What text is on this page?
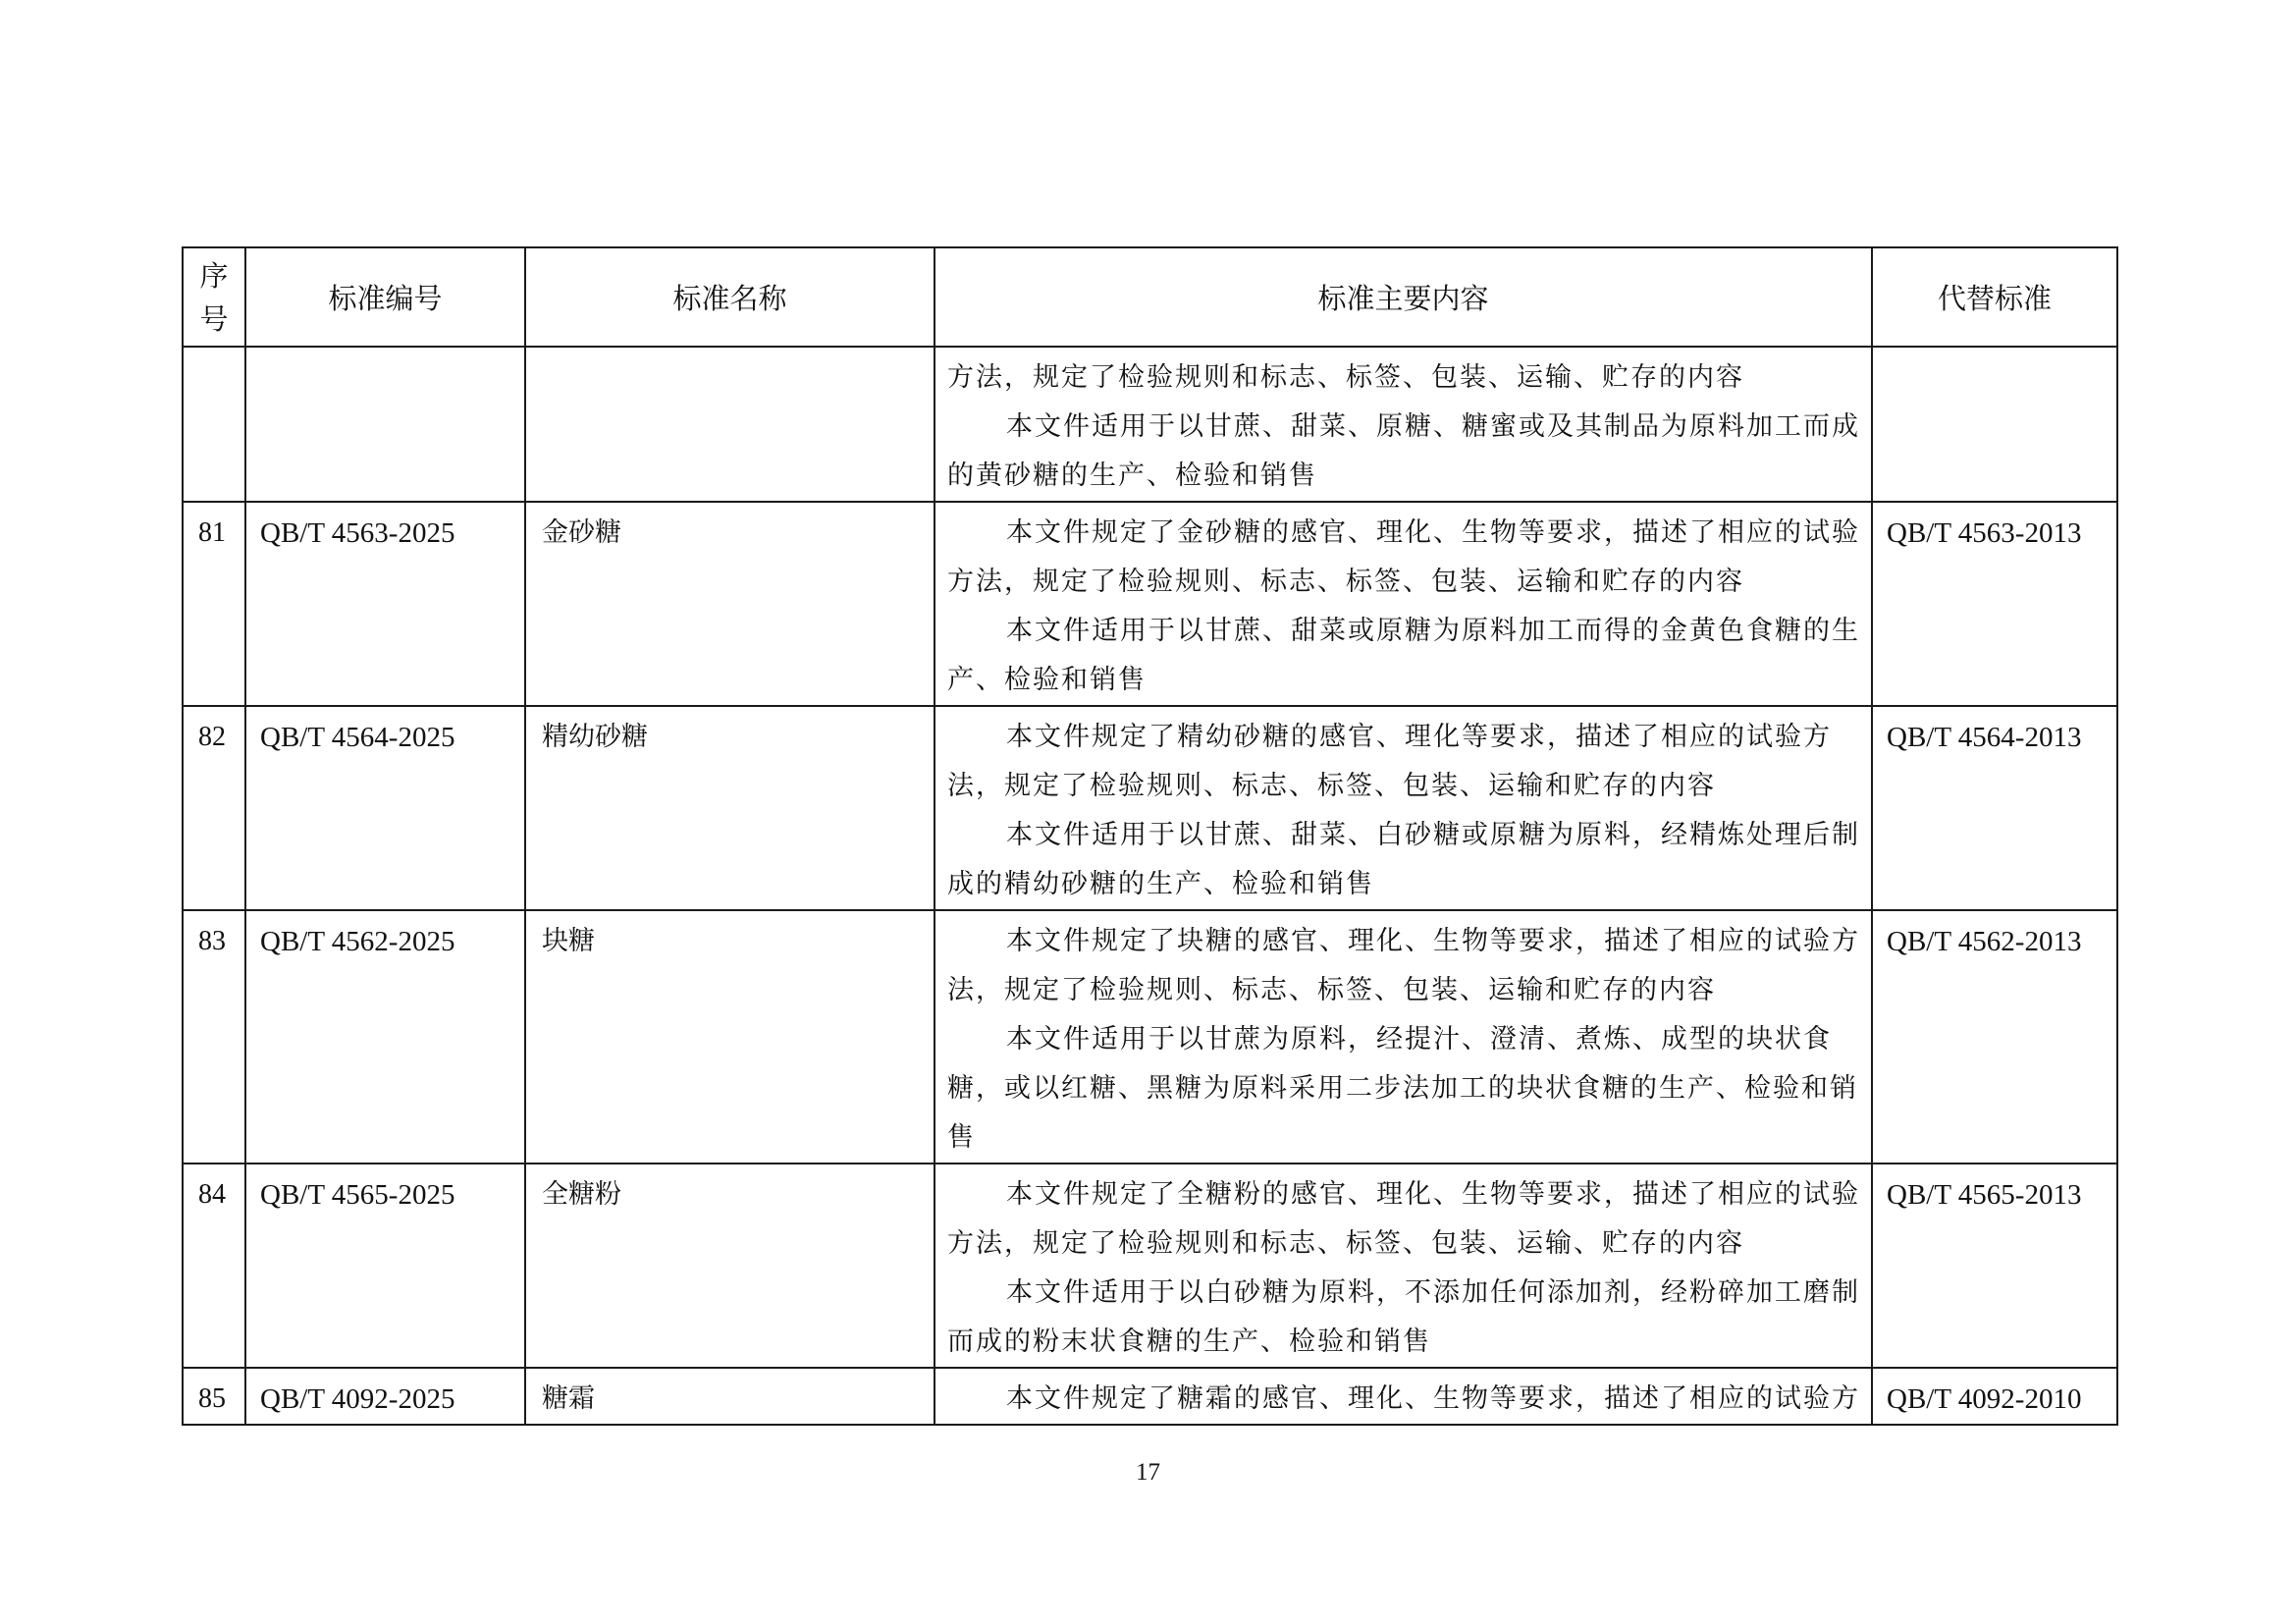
序
号	标准编号	标准名称	标准主要内容	代替标准

			方法，规定了检验规则和标志、标签、包装、运输、贮存的内容
本文件适用于以甘蔗、甜菜、原糖、糖蜜或及其制品为原料加工而成的黄砂糖的生产、检验和销售	

81	QB/T 4563-2025	金砂糖	本文件规定了金砂糖的感官、理化、生物等要求，描述了相应的试验方法，规定了检验规则、标志、标签、包装、运输和贮存的内容
本文件适用于以甘蔗、甜菜或原糖为原料加工而得的金黄色食糖的生产、检验和销售	QB/T 4563-2013
82	QB/T 4564-2025	精幼砂糖	本文件规定了精幼砂糖的感官、理化等要求，描述了相应的试验方法，规定了检验规则、标志、标签、包装、运输和贮存的内容
本文件适用于以甘蔗、甜菜、白砂糖或原糖为原料，经精炼处理后制成的精幼砂糖的生产、检验和销售	QB/T 4564-2013
83	QB/T 4562-2025	块糖	本文件规定了块糖的感官、理化、生物等要求，描述了相应的试验方法，规定了检验规则、标志、标签、包装、运输和贮存的内容
本文件适用于以甘蔗为原料，经提汁、澄清、煮炼、成型的块状食糖，或以红糖、黑糖为原料采用二步法加工的块状食糖的生产、检验和销售	QB/T 4562-2013
84	QB/T 4565-2025	全糖粉	本文件规定了全糖粉的感官、理化、生物等要求，描述了相应的试验方法，规定了检验规则和标志、标签、包装、运输、贮存的内容
本文件适用于以白砂糖为原料，不添加任何添加剂，经粉碎加工磨制而成的粉末状食糖的生产、检验和销售	QB/T 4565-2013
85	QB/T 4092-2025	糖霜	本文件规定了糖霜的感官、理化、生物等要求，描述了相应的试验方	QB/T 4092-2010
17
